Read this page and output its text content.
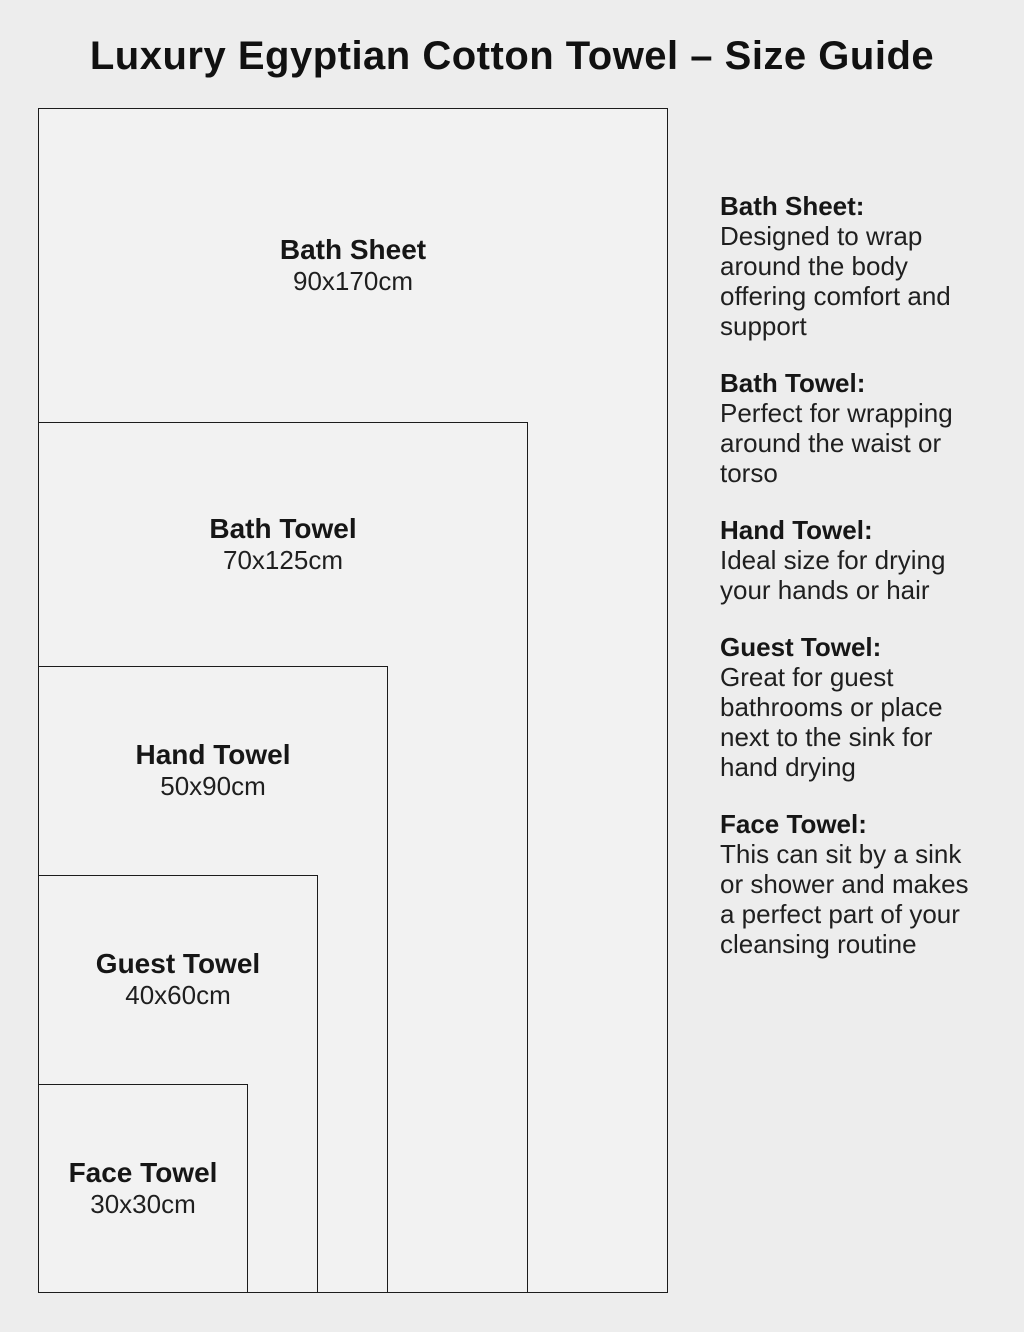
Luxury Egyptian Cotton Towel – Size Guide
Bath Sheet
90x170cm
Bath Towel
70x125cm
Hand Towel
50x90cm
Guest Towel
40x60cm
Face Towel
30x30cm
Bath Sheet:

Designed to wrap around the body offering comfort and support

Bath Towel:

Perfect for wrapping around the waist or torso

Hand Towel:

Ideal size for drying your hands or hair

Guest Towel:

Great for guest bathrooms or place next to the sink for hand drying

Face Towel:

This can sit by a sink or shower and makes a perfect part of your cleansing routine
